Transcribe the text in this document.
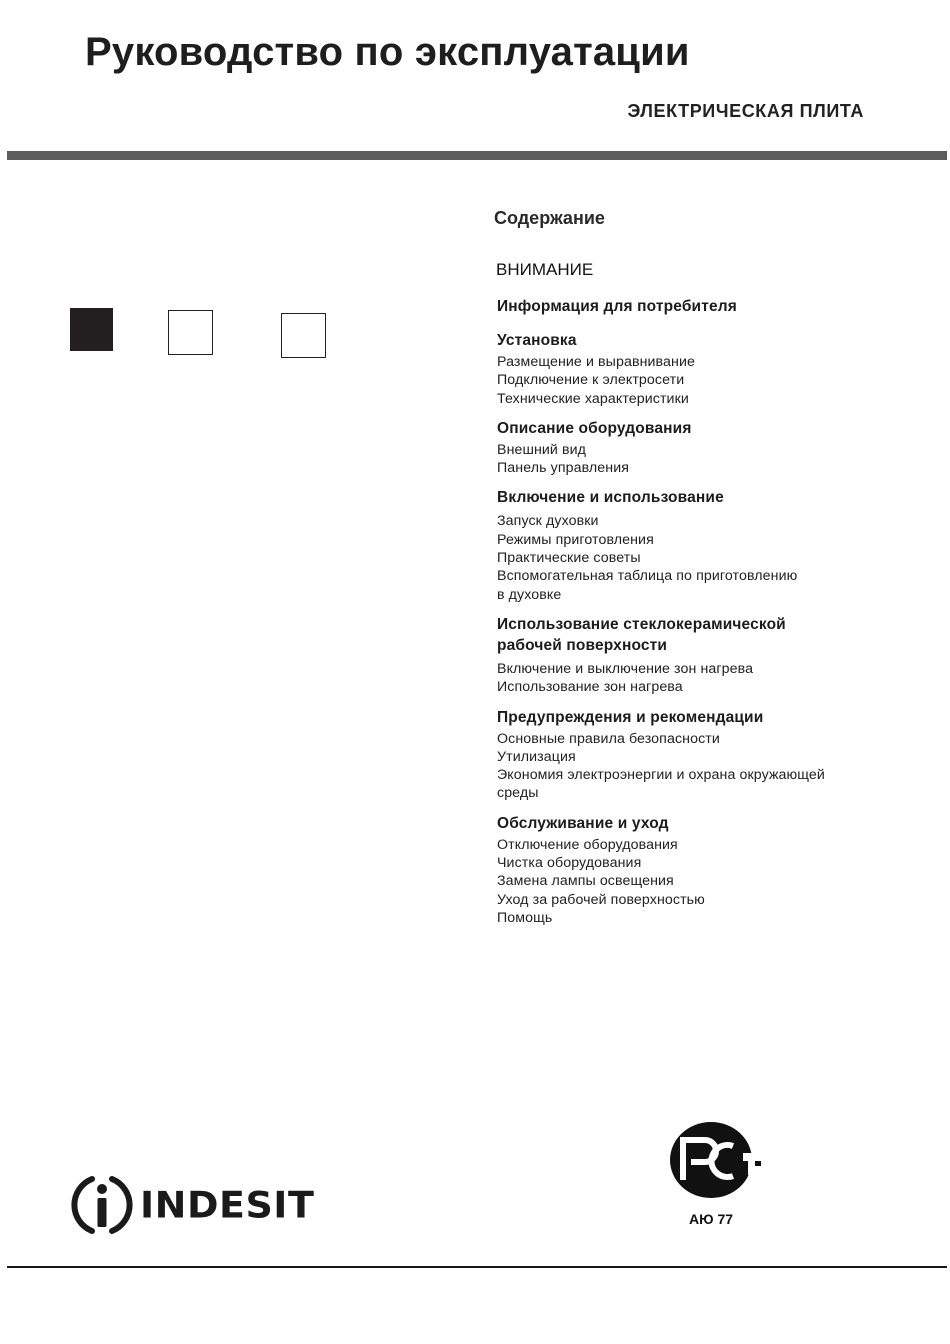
Руководство по эксплуатации
ЭЛЕКТРИЧЕСКАЯ ПЛИТА
Содержание
ВНИМАНИЕ
Информация для потребителя
Установка
Размещение и выравнивание
Подключение к электросети
Технические характеристики
Описание оборудования
Внешний вид
Панель управления
Включение и использование
Запуск духовки
Режимы приготовления
Практические советы
Вспомогательная таблица по приготовлению
в духовке
Использование стеклокерамической
рабочей поверхности
Включение и выключение зон нагрева
Использование зон нагрева
Предупреждения и рекомендации
Основные правила безопасности
Утилизация
Экономия электроэнергии и охрана окружающей
среды
Обслуживание и уход
Отключение оборудования
Чистка оборудования
Замена лампы освещения
Уход за рабочей поверхностью
Помощь
INDESIT	АЮ 77
